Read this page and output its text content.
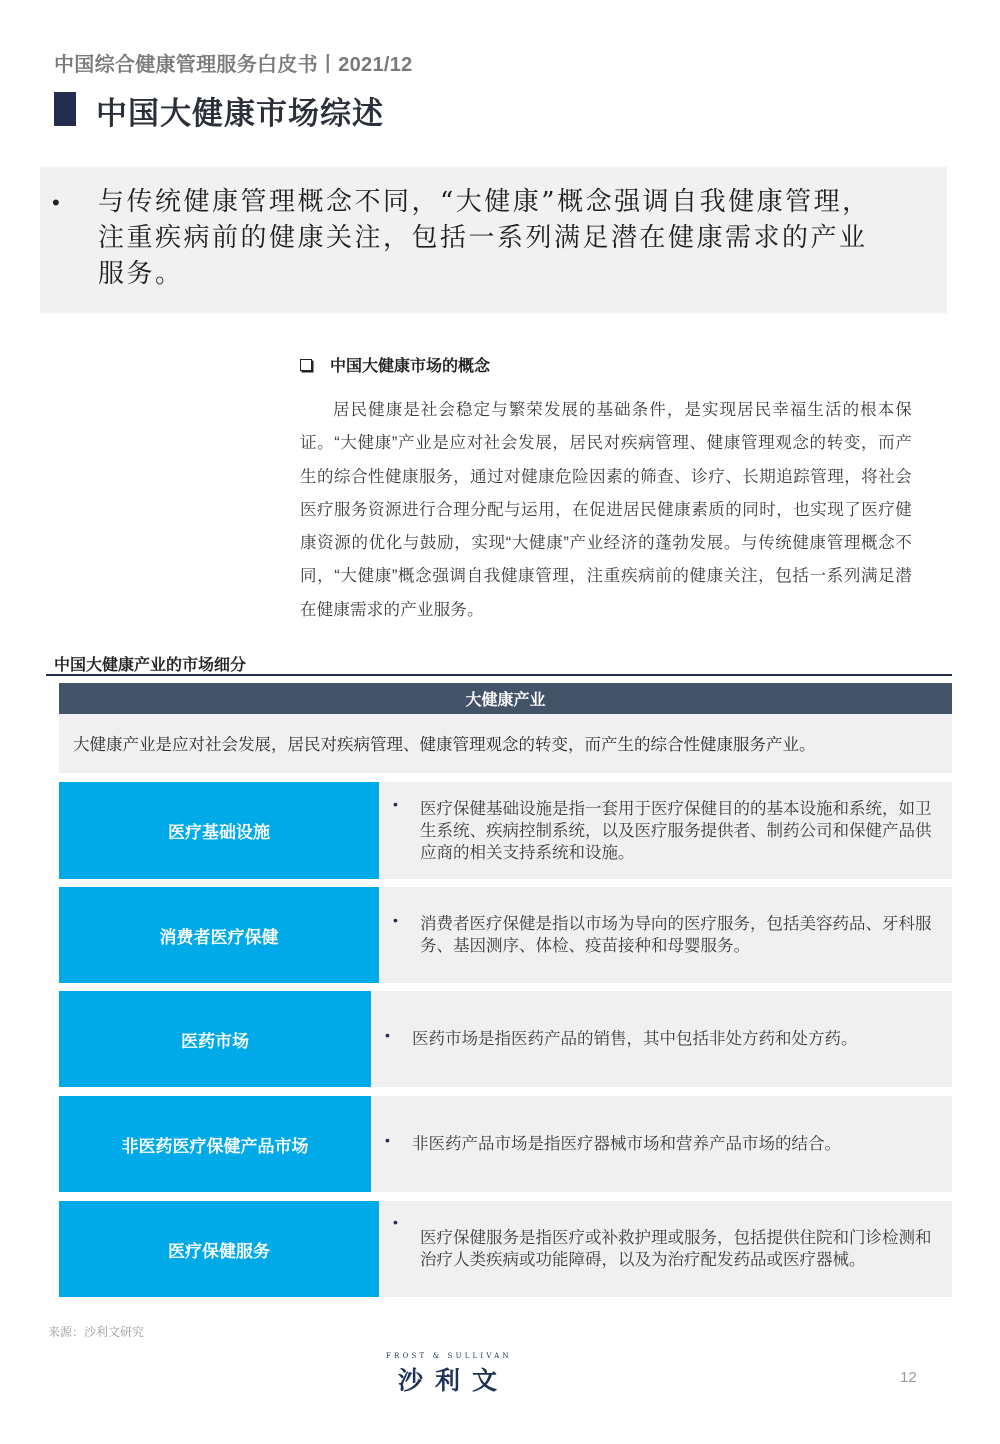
中国综合健康管理服务白皮书丨2021/12
中国大健康市场综述
• 与传统健康管理概念不同，“大健康”概念强调自我健康管理，注重疾病前的健康关注，包括一系列满足潜在健康需求的产业服务。
中国大健康市场的概念
居民健康是社会稳定与繁荣发展的基础条件，是实现居民幸福生活的根本保证。“大健康”产业是应对社会发展，居民对疾病管理、健康管理观念的转变，而产生的综合性健康服务，通过对健康危险因素的筛查、诊疗、长期追踪管理，将社会医疗服务资源进行合理分配与运用，在促进居民健康素质的同时，也实现了医疗健康资源的优化与鼓励，实现“大健康”产业经济的蓬勃发展。与传统健康管理概念不同，“大健康”概念强调自我健康管理，注重疾病前的健康关注，包括一系列满足潜在健康需求的产业服务。
中国大健康产业的市场细分
大健康产业
大健康产业是应对社会发展，居民对疾病管理、健康管理观念的转变，而产生的综合性健康服务产业。
医疗基础设施
• 医疗保健基础设施是指一套用于医疗保健目的的基本设施和系统，如卫生系统、疾病控制系统，以及医疗服务提供者、制药公司和保健产品供应商的相关支持系统和设施。
消费者医疗保健
• 消费者医疗保健是指以市场为导向的医疗服务，包括美容药品、牙科服务、基因测序、体检、疫苗接种和母婴服务。
医药市场	• 医药市场是指医药产品的销售，其中包括非处方药和处方药。
非医药医疗保健产品市场	• 非医药产品市场是指医疗器械市场和营养产品市场的结合。
医疗保健服务
•
医疗保健服务是指医疗或补救护理或服务，包括提供住院和门诊检测和治疗人类疾病或功能障碍，以及为治疗配发药品或医疗器械。
来源：沙利文研究
FROST & SULLIVAN
沙利文	12
